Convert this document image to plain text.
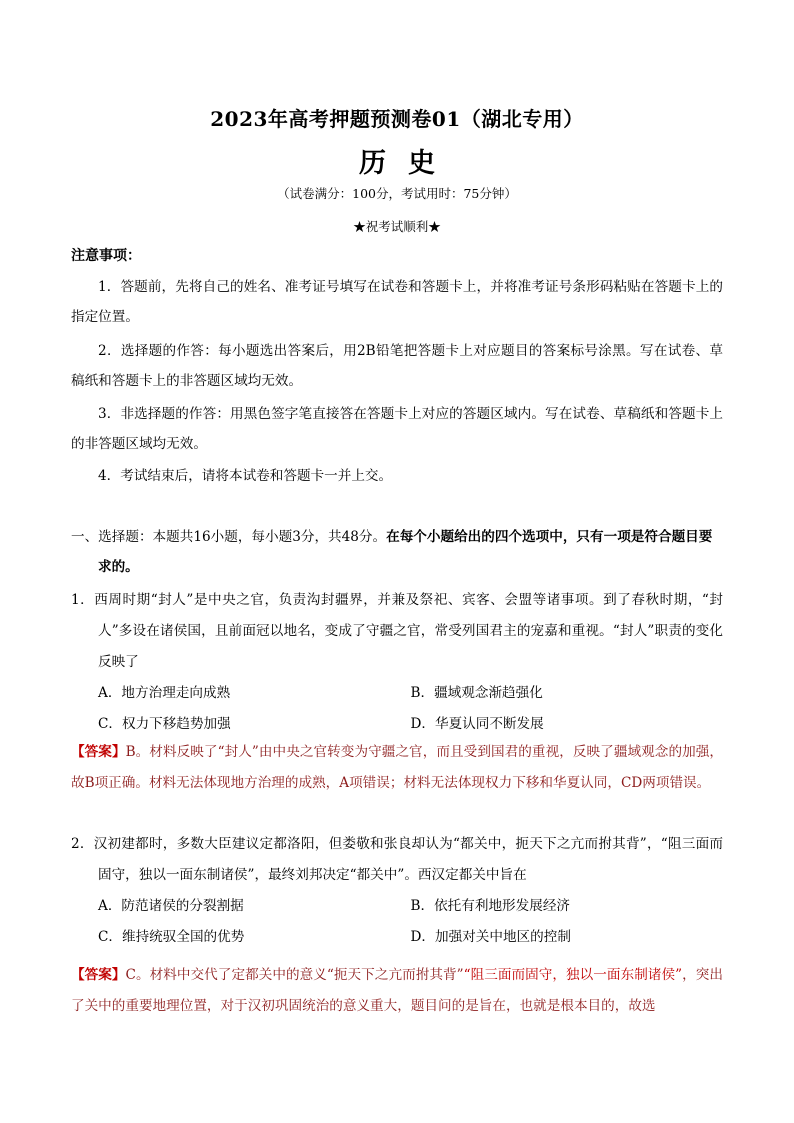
2023年高考押题预测卷01（湖北专用）
历史
（试卷满分：100分，考试用时：75分钟）
★祝考试顺利★
注意事项：

1．答题前，先将自己的姓名、准考证号填写在试卷和答题卡上，并将准考证号条形码粘贴在答题卡上的指定位置。

2．选择题的作答：每小题选出答案后，用2B铅笔把答题卡上对应题目的答案标号涂黑。写在试卷、草稿纸和答题卡上的非答题区域均无效。

3．非选择题的作答：用黑色签字笔直接答在答题卡上对应的答题区域内。写在试卷、草稿纸和答题卡上的非答题区域均无效。

4．考试结束后，请将本试卷和答题卡一并上交。

一、选择题：本题共16小题，每小题3分，共48分。在每个小题给出的四个选项中，只有一项是符合题目要求的。

1．西周时期“封人”是中央之官，负责沟封疆界，并兼及祭祀、宾客、会盟等诸事项。到了春秋时期，“封人”多设在诸侯国，且前面冠以地名，变成了守疆之官，常受列国君主的宠嘉和重视。“封人”职责的变化反映了

A．地方治理走向成熟	B．疆域观念渐趋强化
C．权力下移趋势加强	D．华夏认同不断发展
【答案】B。材料反映了“封人”由中央之官转变为守疆之官，而且受到国君的重视，反映了疆域观念的加强，故B项正确。材料无法体现地方治理的成熟，A项错误；材料无法体现权力下移和华夏认同，CD两项错误。

2．汉初建都时，多数大臣建议定都洛阳，但娄敬和张良却认为“都关中，扼天下之亢而拊其背”，“阻三面而固守，独以一面东制诸侯”，最终刘邦决定“都关中”。西汉定都关中旨在

A．防范诸侯的分裂割据	B．依托有利地形发展经济
C．维持统驭全国的优势	D．加强对关中地区的控制
【答案】C。材料中交代了定都关中的意义“扼天下之亢而拊其背”“阻三面而固守，独以一面东制诸侯”，突出了关中的重要地理位置，对于汉初巩固统治的意义重大，题目问的是旨在，也就是根本目的，故选
